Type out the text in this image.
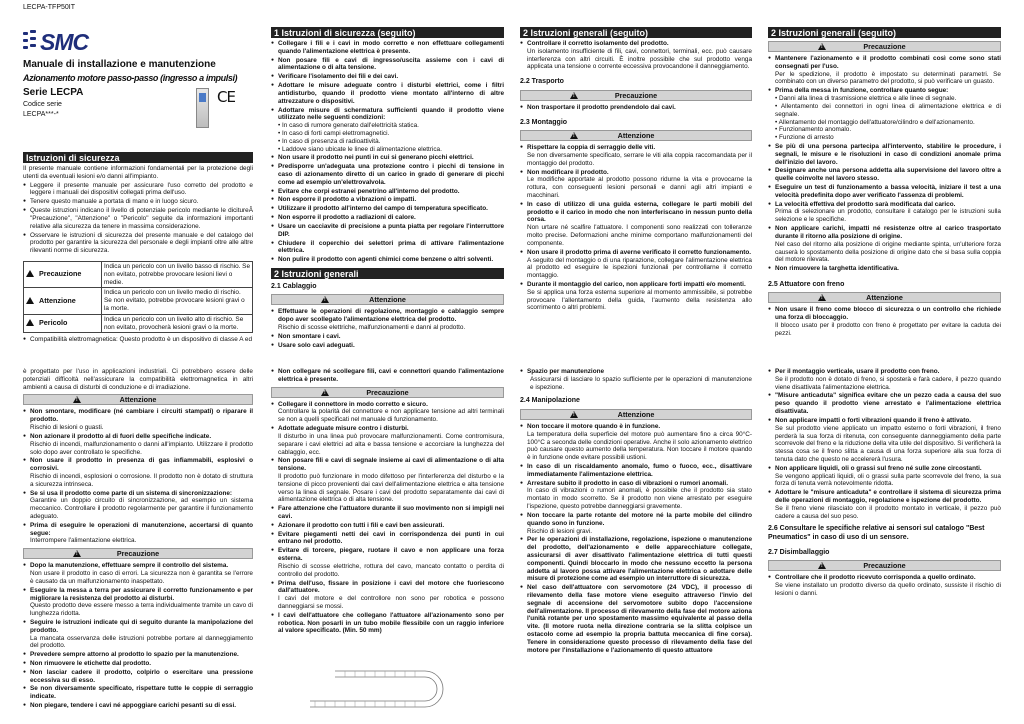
LECPA-TFP50IT
SMC
Manuale di installazione e manutenzione
Azionamento motore passo-passo (ingresso a impulsi)
Serie LECPA
Codice serie
LECPA***-*
CE
Istruzioni di sicurezza

Il presente manuale contiene informazioni fondamentali per la protezione degli utenti da eventuali lesioni e/o danni all'impianto.

● Leggere il presente manuale per assicurare l'uso corretto del prodotto e leggere i manuali dei dispositivi collegati prima dell'uso.
● Tenere questo manuale a portata di mano e in luogo sicuro.
● Queste istruzioni indicano il livello di potenziale pericolo mediante le dicitureÂ "Precauzione", "Attenzione" o "Pericolo" seguite da informazioni importanti relative alla sicurezza da tenere in massima considerazione.
● Osservare le istruzioni di sicurezza del presente manuale e del catalogo del prodotto per garantire la sicurezza del personale e degli impianti oltre alle altre rilevanti norme di sicurezza.
Precauzione	Indica un pericolo con un livello basso di rischio. Se non evitato, potrebbe provocare lesioni lievi o medie.
Attenzione	Indica un pericolo con un livello medio di rischio. Se non evitato, potrebbe provocare lesioni gravi o la morte.
Pericolo	Indica un pericolo con un livello alto di rischio. Se non evitato, provocherà lesioni gravi o la morte.
● Compatibilità elettromagnetica: Questo prodotto è un dispositivo di classe A ed

è progettato per l'uso in applicazioni industriali. Ci potrebbero essere delle potenziali difficoltà nell'assicurare la compatibilità elettromagnetica in altri ambienti a causa di disturbi di conduzione e di irradiazione.

!
Attenzione
● Non smontare, modificare (né cambiare i circuiti stampati) o riparare il prodotto.
Rischio di lesioni o guasti.
● Non azionare il prodotto al di fuori delle specifiche indicate.
Rischio di incendi, malfunzionamento o danni all'impianto. Utilizzare il prodotto solo dopo aver controllato le specifiche.
● Non usare il prodotto in presenza di gas infiammabili, esplosivi o corrosivi.
Rischio di incendi, esplosioni o corrosione. Il prodotto non è dotato di struttura a sicurezza intrinseca.
● Se si usa il prodotto come parte di un sistema di sincronizzazione:
Garantire un doppio circuito di sincronizzazione, ad esempio un sistema meccanico. Controllare il prodotto regolarmente per garantire il funzionamento adeguato.
● Prima di eseguire le operazioni di manutenzione, accertarsi di quanto segue:
Interrompere l'alimentazione elettrica.
!
Precauzione
● Dopo la manutenzione, effettuare sempre il controllo del sistema.
Non usare il prodotto in caso di errori. La sicurezza non è garantita se l'errore è causato da un malfunzionamento inaspettato.
● Eseguire la messa a terra per assicurare il corretto funzionamento e per migliorare la resistenza del prodotto ai disturbi.
Questo prodotto deve essere messo a terra individualmente tramite un cavo di lunghezza ridotta.
● Seguire le istruzioni indicate qui di seguito durante la manipolazione del prodotto.
La mancata osservanza delle istruzioni potrebbe portare al danneggiamento del prodotto.
● Prevedere sempre attorno al prodotto lo spazio per la manutenzione.
● Non rimuovere le etichette dal prodotto.
● Non lasciar cadere il prodotto, colpirlo o esercitare una pressione eccessiva su di esso.
● Se non diversamente specificato, rispettare tutte le coppie di serraggio indicate.
● Non piegare, tendere i cavi né appoggiare carichi pesanti su di essi.
1 Istruzioni di sicurezza (seguito)
● Collegare i fili e i cavi in modo corretto e non effettuare collegamenti quando l'alimentazione elettrica è presente.
● Non posare fili e cavi di ingresso/uscita assieme con i cavi di alimentazione o di alta tensione.
● Verificare l'isolamento dei fili e dei cavi.
● Adottare le misure adeguate contro i disturbi elettrici, come i filtri antidisturbo, quando il prodotto viene montato all'interno di altre attrezzature o dispositivi.
● Adottare misure di schermatura sufficienti quando il prodotto viene utilizzato nelle seguenti condizioni:
• In caso di rumore generato dall'elettricità statica.
• In caso di forti campi elettromagnetici.
• In caso di presenza di radioattività.
• Laddove siano ubicate le linee di alimentazione elettrica.
● Non usare il prodotto nei punti in cui si generano picchi elettrici.
● Predisporre un'adeguata una protezione contro i picchi di tensione in caso di azionamento diretto di un carico in grado di generare di picchi come ad esempio un'elettrovalvola.
● Evitare che corpi estranei penetrino all'interno del prodotto.
● Non esporre il prodotto a vibrazioni o impatti.
● Utilizzare il prodotto all'interno del campo di temperatura specificato.
● Non esporre il prodotto a radiazioni di calore.
● Usare un cacciavite di precisione a punta piatta per regolare l'interruttore DIP.
● Chiudere il coperchio dei selettori prima di attivare l'alimentazione elettrica.
● Non pulire il prodotto con agenti chimici come benzene o altri solventi.
2 Istruzioni generali
2.1 Cablaggio
!
Attenzione
● Effettuare le operazioni di regolazione, montaggio e cablaggio sempre dopo aver scollegato l'alimentazione elettrica del prodotto.
Rischio di scosse elettriche, malfunzionamenti e danni al prodotto.
● Non smontare i cavi.
● Usare solo cavi adeguati.
● Non collegare né scollegare fili, cavi e connettori quando l'alimentazione elettrica è presente.
!
Precauzione
● Collegare il connettore in modo corretto e sicuro.
Controllare la polarità del connettore e non applicare tensione ad altri terminali se non a quelli specificati nel manuale di funzionamento.
● Adottate adeguate misure contro i disturbi.
Il disturbo in una linea può provocare malfunzionamenti. Come contromisura, separare i cavi elettrici ad alta e bassa tensione e accorciare la lunghezza del cablaggio, ecc.
● Non posare fili e cavi di segnale insieme ai cavi di alimentazione o di alta tensione.
Il prodotto può funzionare in modo difettoso per l'interferenza del disturbo e la tensione di picco provenienti dai cavi dell'alimentazione elettrica e alta tensione verso la linea di segnale. Posare i cavi del prodotto separatamente dai cavi di alimentazione elettrica o di alta tensione.
● Fare attenzione che l'attuatore durante il suo movimento non si impigli nei cavi.
● Azionare il prodotto con tutti i fili e cavi ben assicurati.
● Evitare piegamenti netti dei cavi in corrispondenza dei punti in cui entrano nel prodotto.
● Evitare di torcere, piegare, ruotare il cavo e non applicare una forza esterna.
Rischio di scosse elettriche, rottura del cavo, mancato contatto o perdita di controllo del prodotto.
● Prima dell'uso, fissare in posizione i cavi del motore che fuoriescono dall'attuatore.
I cavi del motore e del controllore non sono per robotica e possono danneggiarsi se mossi.
● I cavi dell'attuatore che collegano l'attuatore all'azionamento sono per robotica. Non posarli in un tubo mobile flessibile con un raggio inferiore al valore specificato. (Min. 50 mm)
2 Istruzioni generali (seguito)
● Controllare il corretto isolamento del prodotto.
Un isolamento insufficiente di fili, cavi, connettori, terminali, ecc. può causare interferenza con altri circuiti. È inoltre possibile che sul prodotto venga applicata una tensione o corrente eccessiva provocandone il danneggiamento.
2.2 Trasporto
!
Precauzione
● Non trasportare il prodotto prendendolo dai cavi.
2.3 Montaggio
!
Attenzione
● Rispettare la coppia di serraggio delle viti.
Se non diversamente specificato, serrare le viti alla coppia raccomandata per il montaggio del prodotto.
● Non modificare il prodotto.
Le modifiche apportate al prodotto possono ridurne la vita e provocarne la rottura, con conseguenti lesioni personali e danni agli altri impianti e macchinari.
● In caso di utilizzo di una guida esterna, collegare le parti mobili del prodotto e il carico in modo che non interferiscano in nessun punto della corsa.
Non urtare né scalfire l'attuatore. I componenti sono realizzati con tolleranze molto precise. Deformazioni anche minime comportano malfunzionamenti del componente.
● Non usare il prodotto prima di averne verificato il corretto funzionamento.
A seguito del montaggio o di una riparazione, collegare l'alimentazione elettrica al prodotto ed eseguire le ispezioni funzionali per controllarne il corretto montaggio.
● Durante il montaggio del carico, non applicare forti impatti e/o momenti.
Se si applica una forza esterna superiore al momento ammissibile, si potrebbe provocare l'allentamento della guida, l'aumento della resistenza allo scorrimento o altri problemi.
● Spazio per manutenzione
Assicurarsi di lasciare lo spazio sufficiente per le operazioni di manutenzione e ispezione.
2.4 Manipolazione
!
Attenzione
● Non toccare il motore quando è in funzione.
La temperatura della superficie del motore può aumentare fino a circa 90°C-100°C a seconda delle condizioni operative. Anche il solo azionamento elettrico può causare questo aumento della temperatura. Non toccare il motore quando è in funzione onde evitare possibili ustioni.
● In caso di un riscaldamento anomalo, fumo o fuoco, ecc., disattivare immediatamente l'alimentazione elettrica.
● Arrestare subito il prodotto in caso di vibrazioni o rumori anomali.
In caso di vibrazioni o rumori anomali, è possibile che il prodotto sia stato montato in modo scorretto. Se il prodotto non viene arrestato per eseguire l'ispezione, questo potrebbe danneggiarsi gravemente.
● Non toccare la parte rotante del motore né la parte mobile del cilindro quando sono in funzione.
Rischio di lesioni gravi.
● Per le operazioni di installazione, regolazione, ispezione o manutenzione del prodotto, dell'azionamento e delle apparecchiature collegate, assicurarsi di aver disattivato l'alimentazione elettrica di tutti questi componenti. Quindi bloccarlo in modo che nessuno eccetto la persona addetta al lavoro possa attivare l'alimentazione elettrica o adottare delle misure di protezione come ad esempio un interruttore di sicurezza.
● Nel caso dell'attuatore con servomotore (24 VDC), il processo di rilevamento della fase motore viene eseguito attraverso l'invio del segnale di accensione del servomotore subito dopo l'accensione dell'alimentazione. Il processo di rilevamento della fase del motore aziona l'unità rotante per uno spostamento massimo equivalente al passo della vite. (Il motore ruota nella direzione contraria se la slitta colpisce un ostacolo come ad esempio la propria battuta meccanica di fine corsa). Tenere in considerazione questo processo di rilevamento della fase del motore per l'installazione e l'azionamento di questo attuatore
2 Istruzioni generali (seguito)
!
Precauzione
● Mantenere l'azionamento e il prodotto combinati così come sono stati consegnati per l'uso.
Per le spedizione, il prodotto è impostato su determinati parametri. Se combinato con un diverso parametro del prodotto, si può verificare un guasto.
● Prima della messa in funzione, controllare quanto segue:
• Danni alla linea di trasmissione elettrica e alle linee di segnale.
• Allentamento dei connettori in ogni linea di alimentazione elettrica e di segnale.
• Allentamento del montaggio dell'attuatore/cilindro e dell'azionamento.
• Funzionamento anomalo.
• Funzione di arresto
● Se più di una persona partecipa all'intervento, stabilire le procedure, i segnali, le misure e le risoluzioni in caso di condizioni anomale prima dell'inizio del lavoro.
● Designare anche una persona addetta alla supervisione del lavoro oltre a quelle coinvolte nel lavoro stesso.
● Eseguire un test di funzionamento a bassa velocità, iniziare il test a una velocità predefinita dopo aver verificato l'assenza di problemi.
● La velocità effettiva del prodotto sarà modificata dal carico.
Prima di selezionare un prodotto, consultare il catalogo per le istruzioni sulla selezione e le specifiche.
● Non applicare carichi, impatti né resistenze oltre al carico trasportato durante il ritorno alla posizione di origine.
Nel caso del ritorno alla posizione di origine mediante spinta, un'ulteriore forza causerà lo spostamento della posizione di origine dato che si basa sulla coppia del motore rilevata.
● Non rimuovere la targhetta identificativa.
2.5 Attuatore con freno
!
Attenzione
● Non usare il freno come blocco di sicurezza o un controllo che richiede una forza di bloccaggio.
Il blocco usato per il prodotto con freno è progettato per evitare la caduta dei pezzi.
● Per il montaggio verticale, usare il prodotto con freno.
Se il prodotto non è dotato di freno, si sposterà e farà cadere, il pezzo quando viene disattivata l'alimentazione elettrica.
● "Misure anticaduta" significa evitare che un pezzo cada a causa del suo peso quando il prodotto viene arrestato e l'alimentazione elettrica disattivata.
● Non applicare impatti o forti vibrazioni quando il freno è attivato.
Se sul prodotto viene applicato un impatto esterno o forti vibrazioni, il freno perderà la sua forza di ritenuta, con conseguente danneggiamento della parte scorrevole del freno e la riduzione della vita utile del dispositivo. Si verificherà la stessa cosa se il freno slitta a causa di una forza superiore alla sua forza di tenuta dato che questo ne accelererà l'usura.
● Non applicare liquidi, oli o grassi sul freno né sulle zone circostanti.
Se vengono applicati liquidi, oli o grassi sulla parte scorrevole del freno, la sua forza di tenuta verrà notevolmente ridotta.
● Adottare le "misure anticaduta" e controllare il sistema di sicurezza prima delle operazioni di montaggio, regolazione e ispezione del prodotto.
Se il freno viene rilasciato con il prodotto montato in verticale, il pezzo può cadere a causa del suo peso.
2.6 Consultare le specifiche relative ai sensori sul catalogo "Best Pneumatics" in caso di uso di un sensore.
2.7 Disimballaggio
!
Precauzione
● Controllare che il prodotto ricevuto corrisponda a quello ordinato.
Se viene installato un prodotto diverso da quello ordinato, sussiste il rischio di lesioni o danni.
